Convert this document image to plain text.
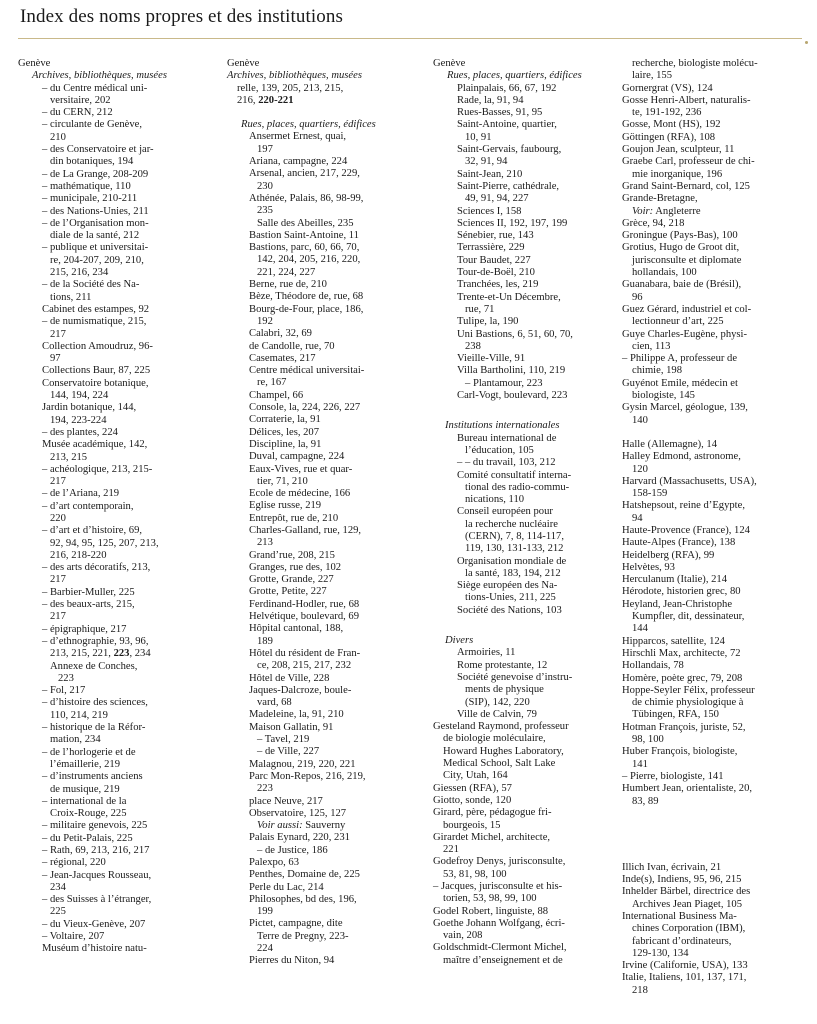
Index des noms propres et des institutions
Genève
Archives, bibliothèques, musées
– du Centre médical uni-
versitaire, 202
– du CERN, 212
– circulante de Genève,
210
– des Conservatoire et jar-
din botaniques, 194
– de La Grange, 208-209
– mathématique, 110
– municipale, 210-211
– des Nations-Unies, 211
– de l’Organisation mon-
diale de la santé, 212
– publique et universitai-
re, 204-207, 209, 210,
215, 216, 234
– de la Société des Na-
tions, 211
Cabinet des estampes, 92
– de numismatique, 215,
217
Collection Amoudruz, 96-
97
Collections Baur, 87, 225
Conservatoire botanique,
144, 194, 224
Jardin botanique, 144,
194, 223-224
– des plantes, 224
Musée académique, 142,
213, 215
– achéologique, 213, 215-
217
– de l’Ariana, 219
– d’art contemporain,
220
– d’art et d’histoire, 69,
92, 94, 95, 125, 207, 213,
216, 218-220
– des arts décoratifs, 213,
217
– Barbier-Muller, 225
– des beaux-arts, 215,
217
– épigraphique, 217
– d’ethnographie, 93, 96,
213, 215, 221, 223, 234
Annexe de Conches,
223
– Fol, 217
– d’histoire des sciences,
110, 214, 219
– historique de la Réfor-
mation, 234
– de l’horlogerie et de
l’émaillerie, 219
– d’instruments anciens
de musique, 219
– international de la
Croix-Rouge, 225
– militaire genevois, 225
– du Petit-Palais, 225
– Rath, 69, 213, 216, 217
– régional, 220
– Jean-Jacques Rousseau,
234
– des Suisses à l’étranger,
225
– du Vieux-Genève, 207
– Voltaire, 207
Muséum d’histoire natu-
Genève
Archives, bibliothèques, musées
relle, 139, 205, 213, 215,
216, 220-221
Rues, places, quartiers, édifices
Ansermet Ernest, quai,
197
Ariana, campagne, 224
Arsenal, ancien, 217, 229,
230
Athénée, Palais, 86, 98-99,
235
Salle des Abeilles, 235
Bastion Saint-Antoine, 11
Bastions, parc, 60, 66, 70,
142, 204, 205, 216, 220,
221, 224, 227
Berne, rue de, 210
Bèze, Théodore de, rue, 68
Bourg-de-Four, place, 186,
192
Calabri, 32, 69
de Candolle, rue, 70
Casemates, 217
Centre médical universitai-
re, 167
Champel, 66
Console, la, 224, 226, 227
Corraterie, la, 91
Délices, les, 207
Discipline, la, 91
Duval, campagne, 224
Eaux-Vives, rue et quar-
tier, 71, 210
Ecole de médecine, 166
Eglise russe, 219
Entrepôt, rue de, 210
Charles-Galland, rue, 129,
213
Grand’rue, 208, 215
Granges, rue des, 102
Grotte, Grande, 227
Grotte, Petite, 227
Ferdinand-Hodler, rue, 68
Helvétique, boulevard, 69
Hôpital cantonal, 188,
189
Hôtel du résident de Fran-
ce, 208, 215, 217, 232
Hôtel de Ville, 228
Jaques-Dalcroze, boule-
vard, 68
Madeleine, la, 91, 210
Maison Gallatin, 91
– Tavel, 219
– de Ville, 227
Malagnou, 219, 220, 221
Parc Mon-Repos, 216, 219,
223
place Neuve, 217
Observatoire, 125, 127
Voir aussi: Sauverny
Palais Eynard, 220, 231
– de Justice, 186
Palexpo, 63
Penthes, Domaine de, 225
Perle du Lac, 214
Philosophes, bd des, 196,
199
Pictet, campagne, dite
Terre de Pregny, 223-
224
Pierres du Niton, 94
Genève
Rues, places, quartiers, édifices
Plainpalais, 66, 67, 192
Rade, la, 91, 94
Rues-Basses, 91, 95
Saint-Antoine, quartier,
10, 91
Saint-Gervais, faubourg,
32, 91, 94
Saint-Jean, 210
Saint-Pierre, cathédrale,
49, 91, 94, 227
Sciences I, 158
Sciences II, 192, 197, 199
Sénebier, rue, 143
Terrassière, 229
Tour Baudet, 227
Tour-de-Boël, 210
Tranchées, les, 219
Trente-et-Un Décembre,
rue, 71
Tulipe, la, 190
Uni Bastions, 6, 51, 60, 70,
238
Vieille-Ville, 91
Villa Bartholini, 110, 219
– Plantamour, 223
Carl-Vogt, boulevard, 223
Institutions internationales
Bureau international de
l’éducation, 105
– – du travail, 103, 212
Comité consultatif interna-
tional des radio-commu-
nications, 110
Conseil européen pour
la recherche nucléaire
(CERN), 7, 8, 114-117,
119, 130, 131-133, 212
Organisation mondiale de
la santé, 183, 194, 212
Siège européen des Na-
tions-Unies, 211, 225
Société des Nations, 103
Divers
Armoiries, 11
Rome protestante, 12
Société genevoise d’instru-
ments de physique
(SIP), 142, 220
Ville de Calvin, 79
Gesteland Raymond, professeur
de biologie moléculaire,
Howard Hughes Laboratory,
Medical School, Salt Lake
City, Utah, 164
Giessen (RFA), 57
Giotto, sonde, 120
Girard, père, pédagogue fri-
bourgeois, 15
Girardet Michel, architecte,
221
Godefroy Denys, jurisconsulte,
53, 81, 98, 100
– Jacques, jurisconsulte et his-
torien, 53, 98, 99, 100
Godel Robert, linguiste, 88
Goethe Johann Wolfgang, écri-
vain, 208
Goldschmidt-Clermont Michel,
maître d’enseignement et de
recherche, biologiste molécu-
laire, 155
Gornergrat (VS), 124
Gosse Henri-Albert, naturalis-
te, 191-192, 236
Gosse, Mont (HS), 192
Göttingen (RFA), 108
Goujon Jean, sculpteur, 11
Graebe Carl, professeur de chi-
mie inorganique, 196
Grand Saint-Bernard, col, 125
Grande-Bretagne,
Voir: Angleterre
Grèce, 94, 218
Groningue (Pays-Bas), 100
Grotius, Hugo de Groot dit,
jurisconsulte et diplomate
hollandais, 100
Guanabara, baie de (Brésil),
96
Guez Gérard, industriel et col-
lectionneur d’art, 225
Guye Charles-Eugène, physi-
cien, 113
– Philippe A, professeur de
chimie, 198
Guyénot Emile, médecin et
biologiste, 145
Gysin Marcel, géologue, 139,
140
Halle (Allemagne), 14
Halley Edmond, astronome,
120
Harvard (Massachusetts, USA),
158-159
Hatshepsout, reine d’Egypte,
94
Haute-Provence (France), 124
Haute-Alpes (France), 138
Heidelberg (RFA), 99
Helvètes, 93
Herculanum (Italie), 214
Hérodote, historien grec, 80
Heyland, Jean-Christophe
Kumpfler, dit, dessinateur,
144
Hipparcos, satellite, 124
Hirschli Max, architecte, 72
Hollandais, 78
Homère, poète grec, 79, 208
Hoppe-Seyler Félix, professeur
de chimie physiologique à
Tübingen, RFA, 150
Hotman François, juriste, 52,
98, 100
Huber François, biologiste,
141
– Pierre, biologiste, 141
Humbert Jean, orientaliste, 20,
83, 89
Illich Ivan, écrivain, 21
Inde(s), Indiens, 95, 96, 215
Inhelder Bärbel, directrice des
Archives Jean Piaget, 105
International Business Ma-
chines Corporation (IBM),
fabricant d’ordinateurs,
129-130, 134
Irvine (Californie, USA), 133
Italie, Italiens, 101, 137, 171,
218
